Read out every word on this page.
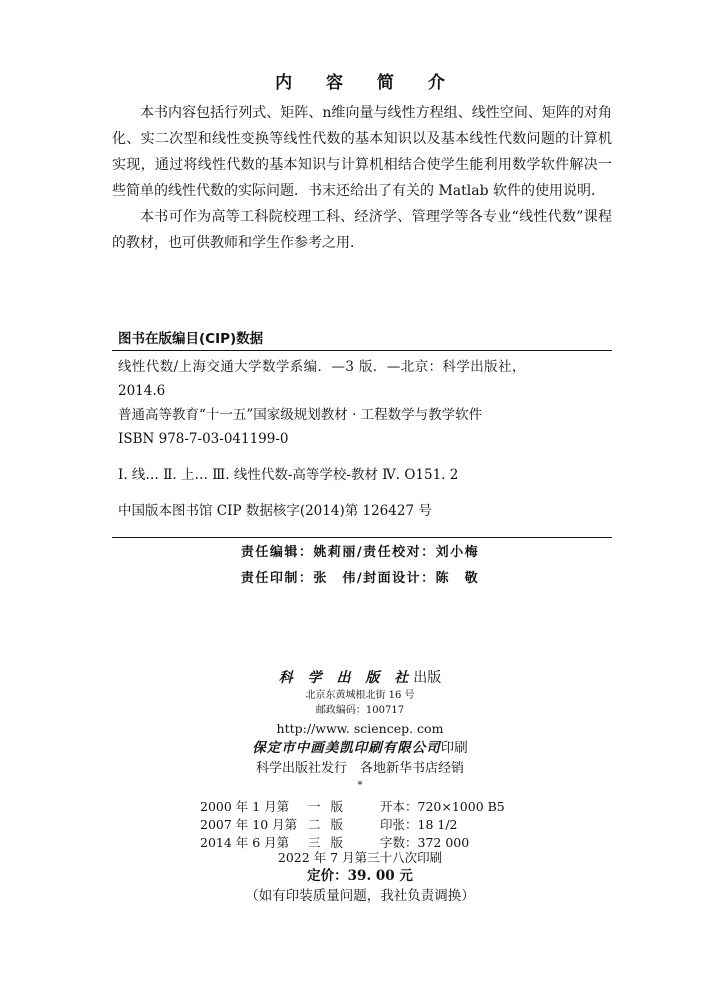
内 容 简 介

本书内容包括行列式、矩阵、n维向量与线性方程组、线性空间、矩阵的对角化、实二次型和线性变换等线性代数的基本知识以及基本线性代数问题的计算机实现，通过将线性代数的基本知识与计算机相结合使学生能利用数学软件解决一些简单的线性代数的实际问题．书末还给出了有关的 Matlab 软件的使用说明．

本书可作为高等工科院校理工科、经济学、管理学等各专业“线性代数”课程的教材，也可供教师和学生作参考之用．

图书在版编目(CIP)数据
线性代数/上海交通大学数学系编．—3 版．—北京：科学出版社，
2014.6
普通高等教育“十一五”国家级规划教材 · 工程数学与教学软件
ISBN 978-7-03-041199-0
Ⅰ. 线… Ⅱ. 上… Ⅲ. 线性代数-高等学校-教材 Ⅳ. O151. 2
中国版本图书馆 CIP 数据核字(2014)第 126427 号
责任编辑：姚莉丽/责任校对：刘小梅
责任印制：张　伟/封面设计：陈　敬
科 学 出 版 社出版
北京东黄城根北街 16 号
邮政编码：100717
http://www. sciencep. com
保定市中画美凯印刷有限公司印刷
科学出版社发行　各地新华书店经销
*
2000 年 1 月第 一版 开本：720×1000 B5
2007 年 10 月第 二版 印张：18 1/2
2014 年 6 月第 三版 字数：372 000
2022 年 7 月第三十八次印刷
定价：39. 00 元
（如有印装质量问题，我社负责调换）
